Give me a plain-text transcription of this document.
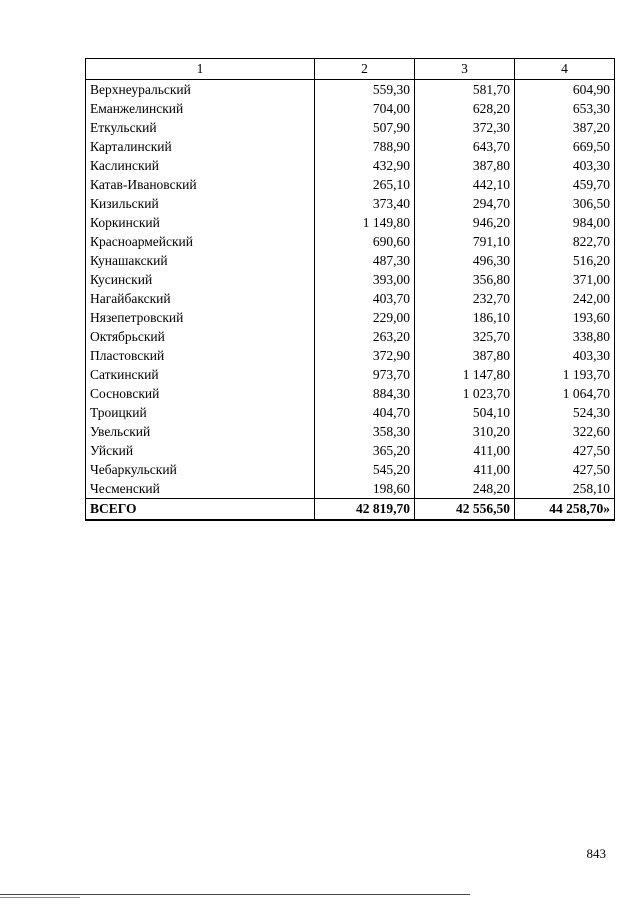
1	2	3	4
Верхнеуральский	559,30	581,70	604,90
Еманжелинский	704,00	628,20	653,30
Еткульский	507,90	372,30	387,20
Карталинский	788,90	643,70	669,50
Каслинский	432,90	387,80	403,30
Катав-Ивановский	265,10	442,10	459,70
Кизильский	373,40	294,70	306,50
Коркинский	1 149,80	946,20	984,00
Красноармейский	690,60	791,10	822,70
Кунашакский	487,30	496,30	516,20
Кусинский	393,00	356,80	371,00
Нагайбакский	403,70	232,70	242,00
Нязепетровский	229,00	186,10	193,60
Октябрьский	263,20	325,70	338,80
Пластовский	372,90	387,80	403,30
Саткинский	973,70	1 147,80	1 193,70
Сосновский	884,30	1 023,70	1 064,70
Троицкий	404,70	504,10	524,30
Увельский	358,30	310,20	322,60
Уйский	365,20	411,00	427,50
Чебаркульский	545,20	411,00	427,50
Чесменский	198,60	248,20	258,10
ВСЕГО	42 819,70	42 556,50	44 258,70»
843
